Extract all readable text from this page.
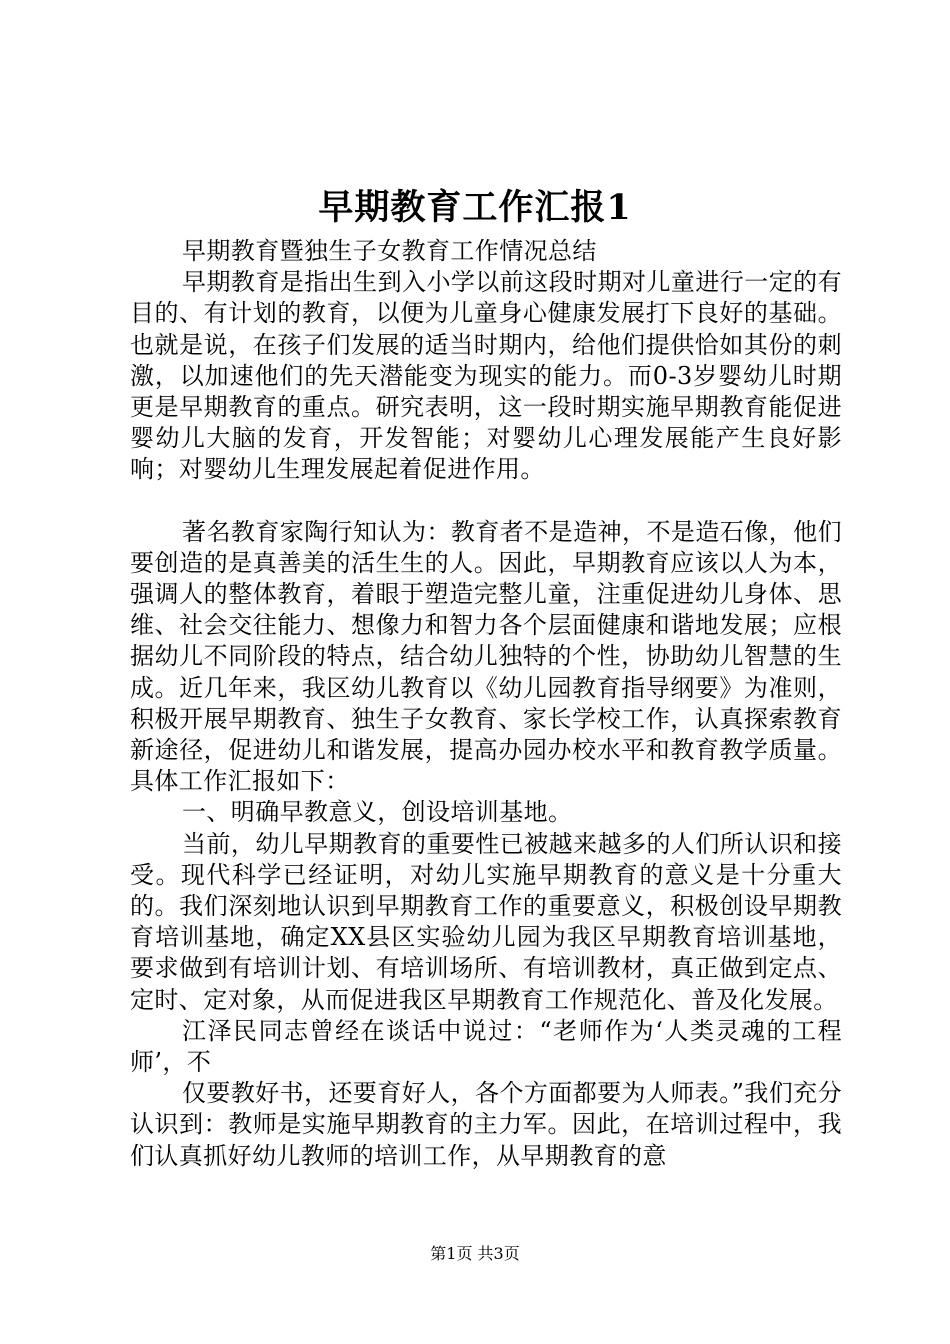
早期教育工作汇报1

早期教育暨独生子女教育工作情况总结

早期教育是指出生到入小学以前这段时期对儿童进行一定的有目的、有计划的教育，以便为儿童身心健康发展打下良好的基础。也就是说，在孩子们发展的适当时期内，给他们提供恰如其份的刺激，以加速他们的先天潜能变为现实的能力。而0-3岁婴幼儿时期更是早期教育的重点。研究表明，这一段时期实施早期教育能促进婴幼儿大脑的发育，开发智能；对婴幼儿心理发展能产生良好影响；对婴幼儿生理发展起着促进作用。

著名教育家陶行知认为：教育者不是造神，不是造石像，他们要创造的是真善美的活生生的人。因此，早期教育应该以人为本，强调人的整体教育，着眼于塑造完整儿童，注重促进幼儿身体、思维、社会交往能力、想像力和智力各个层面健康和谐地发展；应根据幼儿不同阶段的特点，结合幼儿独特的个性，协助幼儿智慧的生成。近几年来，我区幼儿教育以《幼儿园教育指导纲要》为准则，积极开展早期教育、独生子女教育、家长学校工作，认真探索教育新途径，促进幼儿和谐发展，提高办园办校水平和教育教学质量。具体工作汇报如下：

一、明确早教意义，创设培训基地。

当前，幼儿早期教育的重要性已被越来越多的人们所认识和接受。现代科学已经证明，对幼儿实施早期教育的意义是十分重大的。我们深刻地认识到早期教育工作的重要意义，积极创设早期教育培训基地，确定XX县区实验幼儿园为我区早期教育培训基地，要求做到有培训计划、有培训场所、有培训教材，真正做到定点、定时、定对象，从而促进我区早期教育工作规范化、普及化发展。

江泽民同志曾经在谈话中说过：“老师作为‘人类灵魂的工程师’，不

仅要教好书，还要育好人，各个方面都要为人师表。”我们充分认识到：教师是实施早期教育的主力军。因此，在培训过程中，我们认真抓好幼儿教师的培训工作，从早期教育的意

第1页 共3页
